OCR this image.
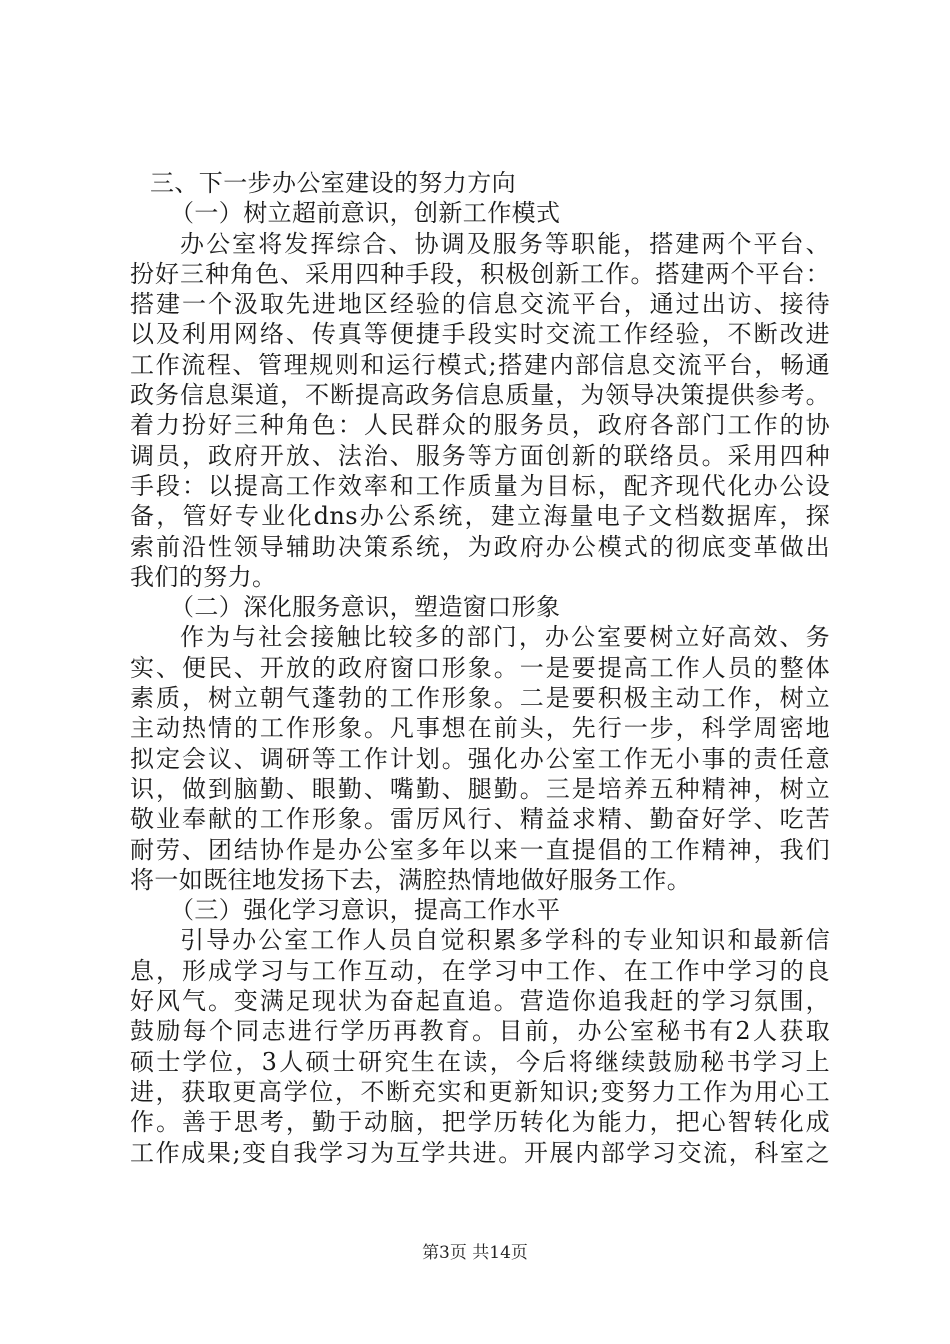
三、下一步办公室建设的努力方向
（一）树立超前意识，创新工作模式
办公室将发挥综合、协调及服务等职能，搭建两个平台、
扮好三种角色、采用四种手段，积极创新工作。搭建两个平台：
搭建一个汲取先进地区经验的信息交流平台，通过出访、接待
以及利用网络、传真等便捷手段实时交流工作经验，不断改进
工作流程、管理规则和运行模式;搭建内部信息交流平台，畅通
政务信息渠道，不断提高政务信息质量，为领导决策提供参考。
着力扮好三种角色：人民群众的服务员，政府各部门工作的协
调员，政府开放、法治、服务等方面创新的联络员。采用四种
手段：以提高工作效率和工作质量为目标，配齐现代化办公设
备，管好专业化dns办公系统，建立海量电子文档数据库，探
索前沿性领导辅助决策系统，为政府办公模式的彻底变革做出
我们的努力。
（二）深化服务意识，塑造窗口形象
作为与社会接触比较多的部门，办公室要树立好高效、务
实、便民、开放的政府窗口形象。一是要提高工作人员的整体
素质，树立朝气蓬勃的工作形象。二是要积极主动工作，树立
主动热情的工作形象。凡事想在前头，先行一步，科学周密地
拟定会议、调研等工作计划。强化办公室工作无小事的责任意
识，做到脑勤、眼勤、嘴勤、腿勤。三是培养五种精神，树立
敬业奉献的工作形象。雷厉风行、精益求精、勤奋好学、吃苦
耐劳、团结协作是办公室多年以来一直提倡的工作精神，我们
将一如既往地发扬下去，满腔热情地做好服务工作。
（三）强化学习意识，提高工作水平
引导办公室工作人员自觉积累多学科的专业知识和最新信
息，形成学习与工作互动，在学习中工作、在工作中学习的良
好风气。变满足现状为奋起直追。营造你追我赶的学习氛围，
鼓励每个同志进行学历再教育。目前，办公室秘书有2人获取
硕士学位，3人硕士研究生在读，今后将继续鼓励秘书学习上
进，获取更高学位，不断充实和更新知识;变努力工作为用心工
作。善于思考，勤于动脑，把学历转化为能力，把心智转化成
工作成果;变自我学习为互学共进。开展内部学习交流，科室之
第3页 共14页
